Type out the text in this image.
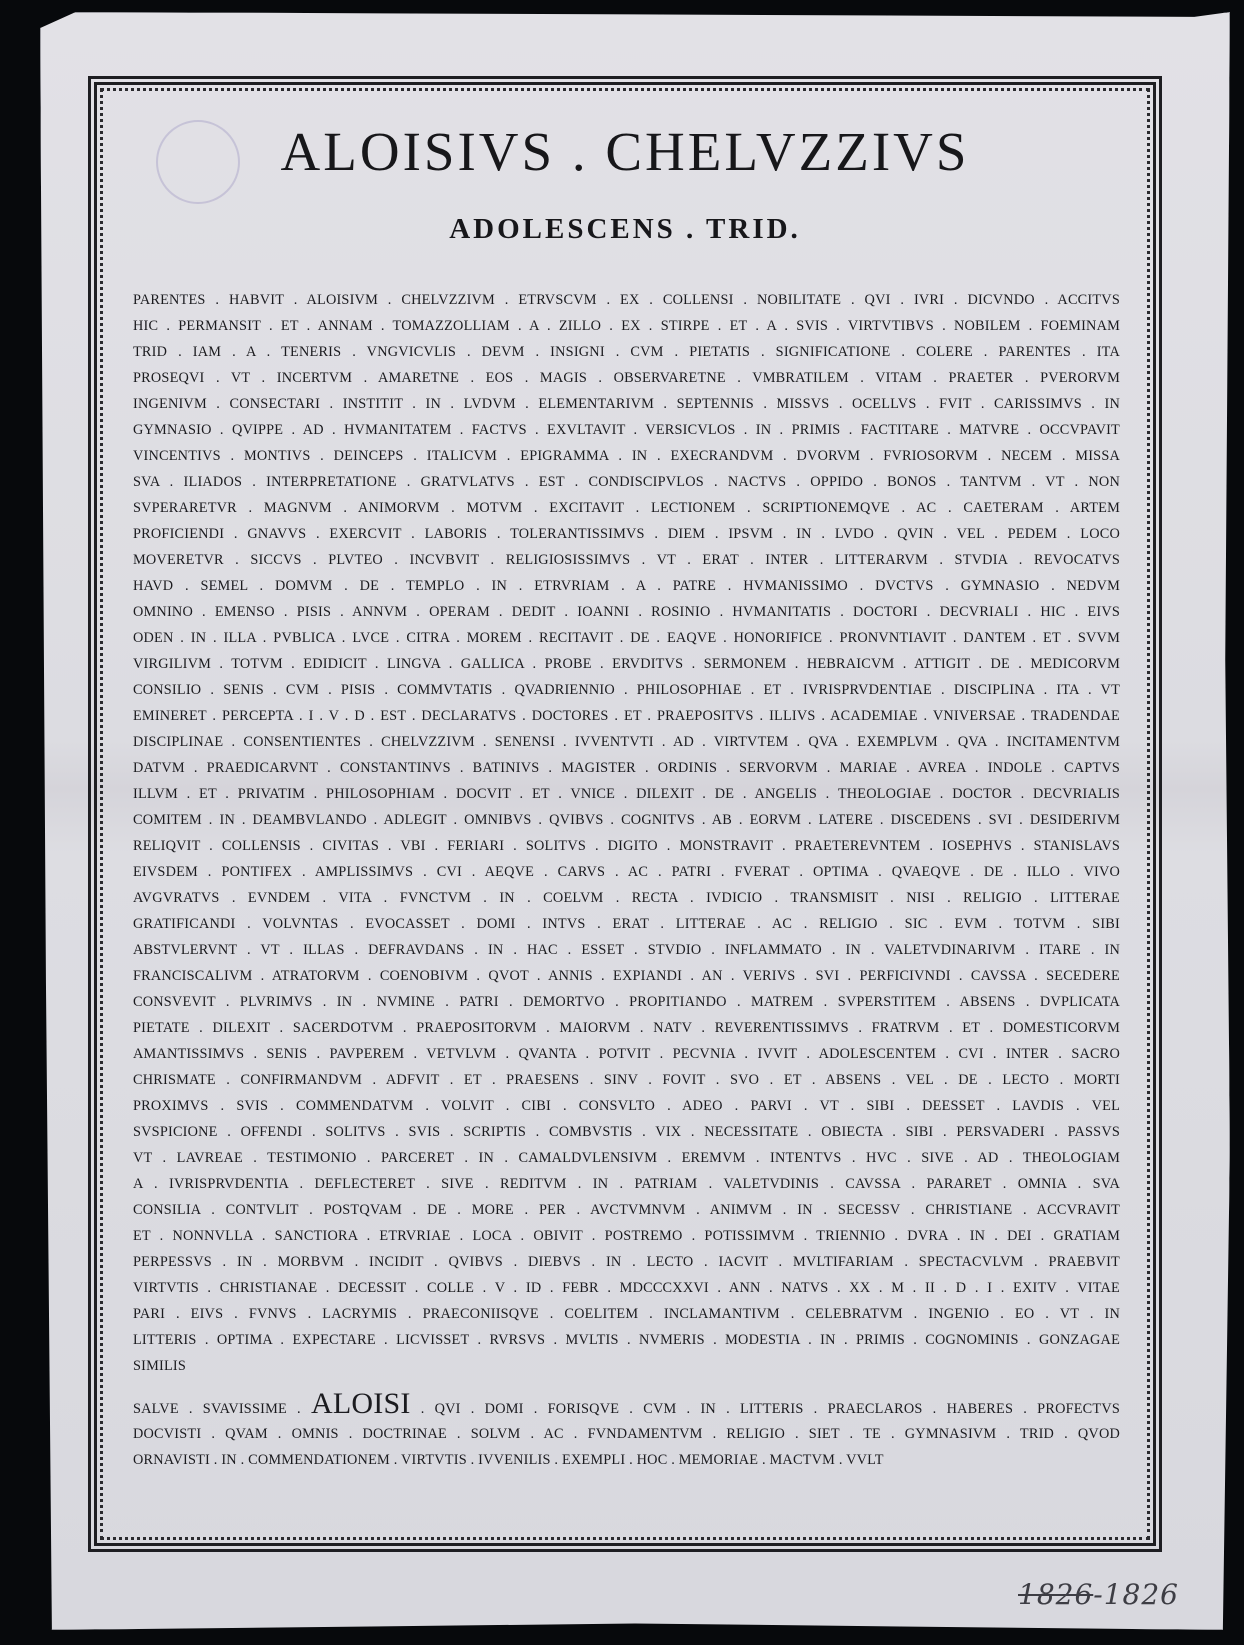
ALOISIVS . CHELVZZIVS
ADOLESCENS . TRID.
PARENTES . HABVIT . ALOISIVM . CHELVZZIVM . ETRVSCVM . EX . COLLENSI . NOBILITATE . QVI . IVRI . DICVNDO . ACCITVS
HIC . PERMANSIT . ET . ANNAM . TOMAZZOLLIAM . A . ZILLO . EX . STIRPE . ET . A . SVIS . VIRTVTIBVS . NOBILEM . FOEMINAM
TRID . IAM . A . TENERIS . VNGVICVLIS . DEVM . INSIGNI . CVM . PIETATIS . SIGNIFICATIONE . COLERE . PARENTES . ITA
PROSEQVI . VT . INCERTVM . AMARETNE . EOS . MAGIS . OBSERVARETNE . VMBRATILEM . VITAM . PRAETER . PVERORVM
INGENIVM . CONSECTARI . INSTITIT . IN . LVDVM . ELEMENTARIVM . SEPTENNIS . MISSVS . OCELLVS . FVIT . CARISSIMVS . IN
GYMNASIO . QVIPPE . AD . HVMANITATEM . FACTVS . EXVLTAVIT . VERSICVLOS . IN . PRIMIS . FACTITARE . MATVRE . OCCVPAVIT
VINCENTIVS . MONTIVS . DEINCEPS . ITALICVM . EPIGRAMMA . IN . EXECRANDVM . DVORVM . FVRIOSORVM . NECEM . MISSA
SVA . ILIADOS . INTERPRETATIONE . GRATVLATVS . EST . CONDISCIPVLOS . NACTVS . OPPIDO . BONOS . TANTVM . VT . NON
SVPERARETVR . MAGNVM . ANIMORVM . MOTVM . EXCITAVIT . LECTIONEM . SCRIPTIONEMQVE . AC . CAETERAM . ARTEM
PROFICIENDI . GNAVVS . EXERCVIT . LABORIS . TOLERANTISSIMVS . DIEM . IPSVM . IN . LVDO . QVIN . VEL . PEDEM . LOCO
MOVERETVR . SICCVS . PLVTEO . INCVBVIT . RELIGIOSISSIMVS . VT . ERAT . INTER . LITTERARVM . STVDIA . REVOCATVS
HAVD . SEMEL . DOMVM . DE . TEMPLO . IN . ETRVRIAM . A . PATRE . HVMANISSIMO . DVCTVS . GYMNASIO . NEDVM
OMNINO . EMENSO . PISIS . ANNVM . OPERAM . DEDIT . IOANNI . ROSINIO . HVMANITATIS . DOCTORI . DECVRIALI . HIC . EIVS
ODEN . IN . ILLA . PVBLICA . LVCE . CITRA . MOREM . RECITAVIT . DE . EAQVE . HONORIFICE . PRONVNTIAVIT . DANTEM . ET . SVVM
VIRGILIVM . TOTVM . EDIDICIT . LINGVA . GALLICA . PROBE . ERVDITVS . SERMONEM . HEBRAICVM . ATTIGIT . DE . MEDICORVM
CONSILIO . SENIS . CVM . PISIS . COMMVTATIS . QVADRIENNIO . PHILOSOPHIAE . ET . IVRISPRVDENTIAE . DISCIPLINA . ITA . VT
EMINERET . PERCEPTA . I . V . D . EST . DECLARATVS . DOCTORES . ET . PRAEPOSITVS . ILLIVS . ACADEMIAE . VNIVERSAE . TRADENDAE
DISCIPLINAE . CONSENTIENTES . CHELVZZIVM . SENENSI . IVVENTVTI . AD . VIRTVTEM . QVA . EXEMPLVM . QVA . INCITAMENTVM
DATVM . PRAEDICARVNT . CONSTANTINVS . BATINIVS . MAGISTER . ORDINIS . SERVORVM . MARIAE . AVREA . INDOLE . CAPTVS
ILLVM . ET . PRIVATIM . PHILOSOPHIAM . DOCVIT . ET . VNICE . DILEXIT . DE . ANGELIS . THEOLOGIAE . DOCTOR . DECVRIALIS
COMITEM . IN . DEAMBVLANDO . ADLEGIT . OMNIBVS . QVIBVS . COGNITVS . AB . EORVM . LATERE . DISCEDENS . SVI . DESIDERIVM
RELIQVIT . COLLENSIS . CIVITAS . VBI . FERIARI . SOLITVS . DIGITO . MONSTRAVIT . PRAETEREVNTEM . IOSEPHVS . STANISLAVS
EIVSDEM . PONTIFEX . AMPLISSIMVS . CVI . AEQVE . CARVS . AC . PATRI . FVERAT . OPTIMA . QVAEQVE . DE . ILLO . VIVO
AVGVRATVS . EVNDEM . VITA . FVNCTVM . IN . COELVM . RECTA . IVDICIO . TRANSMISIT . NISI . RELIGIO . LITTERAE
GRATIFICANDI . VOLVNTAS . EVOCASSET . DOMI . INTVS . ERAT . LITTERAE . AC . RELIGIO . SIC . EVM . TOTVM . SIBI
ABSTVLERVNT . VT . ILLAS . DEFRAVDANS . IN . HAC . ESSET . STVDIO . INFLAMMATO . IN . VALETVDINARIVM . ITARE . IN
FRANCISCALIVM . ATRATORVM . COENOBIVM . QVOT . ANNIS . EXPIANDI . AN . VERIVS . SVI . PERFICIVNDI . CAVSSA . SECEDERE
CONSVEVIT . PLVRIMVS . IN . NVMINE . PATRI . DEMORTVO . PROPITIANDO . MATREM . SVPERSTITEM . ABSENS . DVPLICATA
PIETATE . DILEXIT . SACERDOTVM . PRAEPOSITORVM . MAIORVM . NATV . REVERENTISSIMVS . FRATRVM . ET . DOMESTICORVM
AMANTISSIMVS . SENIS . PAVPEREM . VETVLVM . QVANTA . POTVIT . PECVNIA . IVVIT . ADOLESCENTEM . CVI . INTER . SACRO
CHRISMATE . CONFIRMANDVM . ADFVIT . ET . PRAESENS . SINV . FOVIT . SVO . ET . ABSENS . VEL . DE . LECTO . MORTI
PROXIMVS . SVIS . COMMENDATVM . VOLVIT . CIBI . CONSVLTO . ADEO . PARVI . VT . SIBI . DEESSET . LAVDIS . VEL
SVSPICIONE . OFFENDI . SOLITVS . SVIS . SCRIPTIS . COMBVSTIS . VIX . NECESSITATE . OBIECTA . SIBI . PERSVADERI . PASSVS
VT . LAVREAE . TESTIMONIO . PARCERET . IN . CAMALDVLENSIVM . EREMVM . INTENTVS . HVC . SIVE . AD . THEOLOGIAM
A . IVRISPRVDENTIA . DEFLECTERET . SIVE . REDITVM . IN . PATRIAM . VALETVDINIS . CAVSSA . PARARET . OMNIA . SVA
CONSILIA . CONTVLIT . POSTQVAM . DE . MORE . PER . AVCTVMNVM . ANIMVM . IN . SECESSV . CHRISTIANE . ACCVRAVIT
ET . NONNVLLA . SANCTIORA . ETRVRIAE . LOCA . OBIVIT . POSTREMO . POTISSIMVM . TRIENNIO . DVRA . IN . DEI . GRATIAM
PERPESSVS . IN . MORBVM . INCIDIT . QVIBVS . DIEBVS . IN . LECTO . IACVIT . MVLTIFARIAM . SPECTACVLVM . PRAEBVIT
VIRTVTIS . CHRISTIANAE . DECESSIT . COLLE . V . ID . FEBR . MDCCCXXVI . ANN . NATVS . XX . M . II . D . I . EXITV . VITAE
PARI . EIVS . FVNVS . LACRYMIS . PRAECONIISQVE . COELITEM . INCLAMANTIVM . CELEBRATVM . INGENIO . EO . VT . IN
LITTERIS . OPTIMA . EXPECTARE . LICVISSET . RVRSVS . MVLTIS . NVMERIS . MODESTIA . IN . PRIMIS . COGNOMINIS . GONZAGAE
SIMILIS
SALVE . SVAVISSIME . ALOISI . QVI . DOMI . FORISQVE . CVM . IN . LITTERIS . PRAECLAROS . HABERES . PROFECTVS
DOCVISTI . QVAM . OMNIS . DOCTRINAE . SOLVM . AC . FVNDAMENTVM . RELIGIO . SIET . TE . GYMNASIVM . TRID . QVOD
ORNAVISTI . IN . COMMENDATIONEM . VIRTVTIS . IVVENILIS . EXEMPLI . HOC . MEMORIAE . MACTVM . VVLT
1826-1826
